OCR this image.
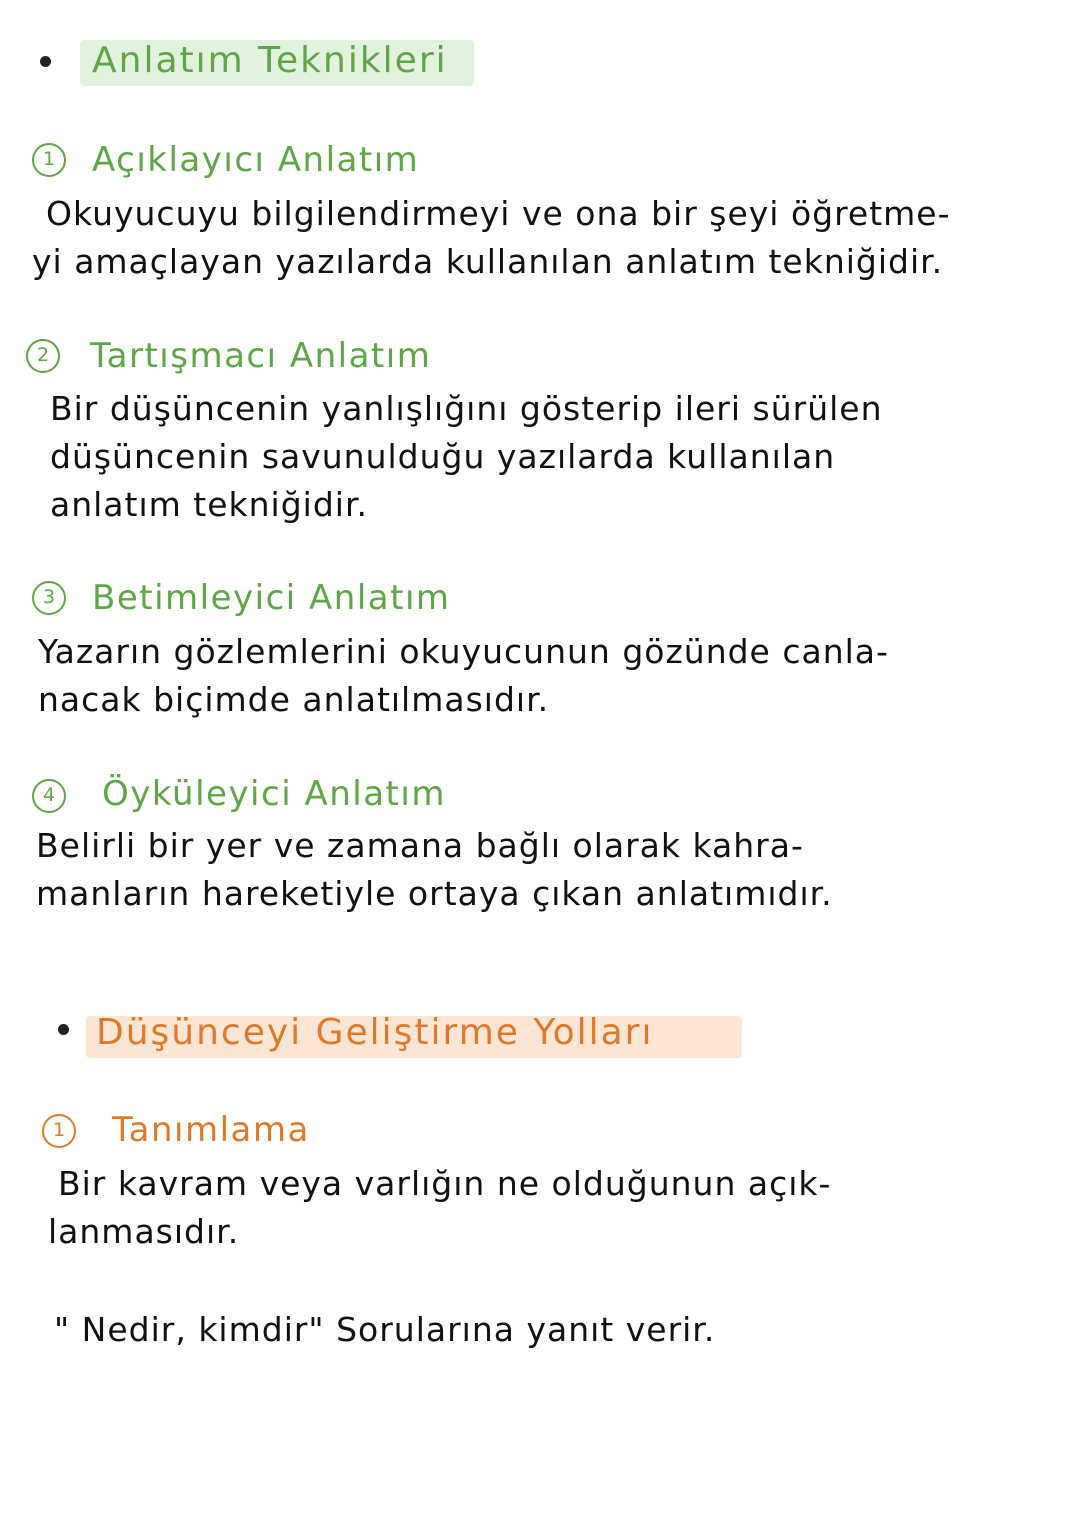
Anlatım Teknikleri
1	Açıklayıcı Anlatım
Okuyucuyu bilgilendirmeyi ve ona bir şeyi öğretme-
yi amaçlayan yazılarda kullanılan anlatım tekniğidir.
2	Tartışmacı Anlatım
Bir düşüncenin yanlışlığını gösterip ileri sürülen
düşüncenin savunulduğu yazılarda kullanılan
anlatım tekniğidir.
3	Betimleyici Anlatım
Yazarın gözlemlerini okuyucunun gözünde canla-
nacak biçimde anlatılmasıdır.
4	Öyküleyici Anlatım
Belirli bir yer ve zamana bağlı olarak kahra-
manların hareketiyle ortaya çıkan anlatımıdır.
Düşünceyi Geliştirme Yolları
1	Tanımlama
Bir kavram veya varlığın ne olduğunun açık-
lanmasıdır.
" Nedir, kimdir" Sorularına yanıt verir.
